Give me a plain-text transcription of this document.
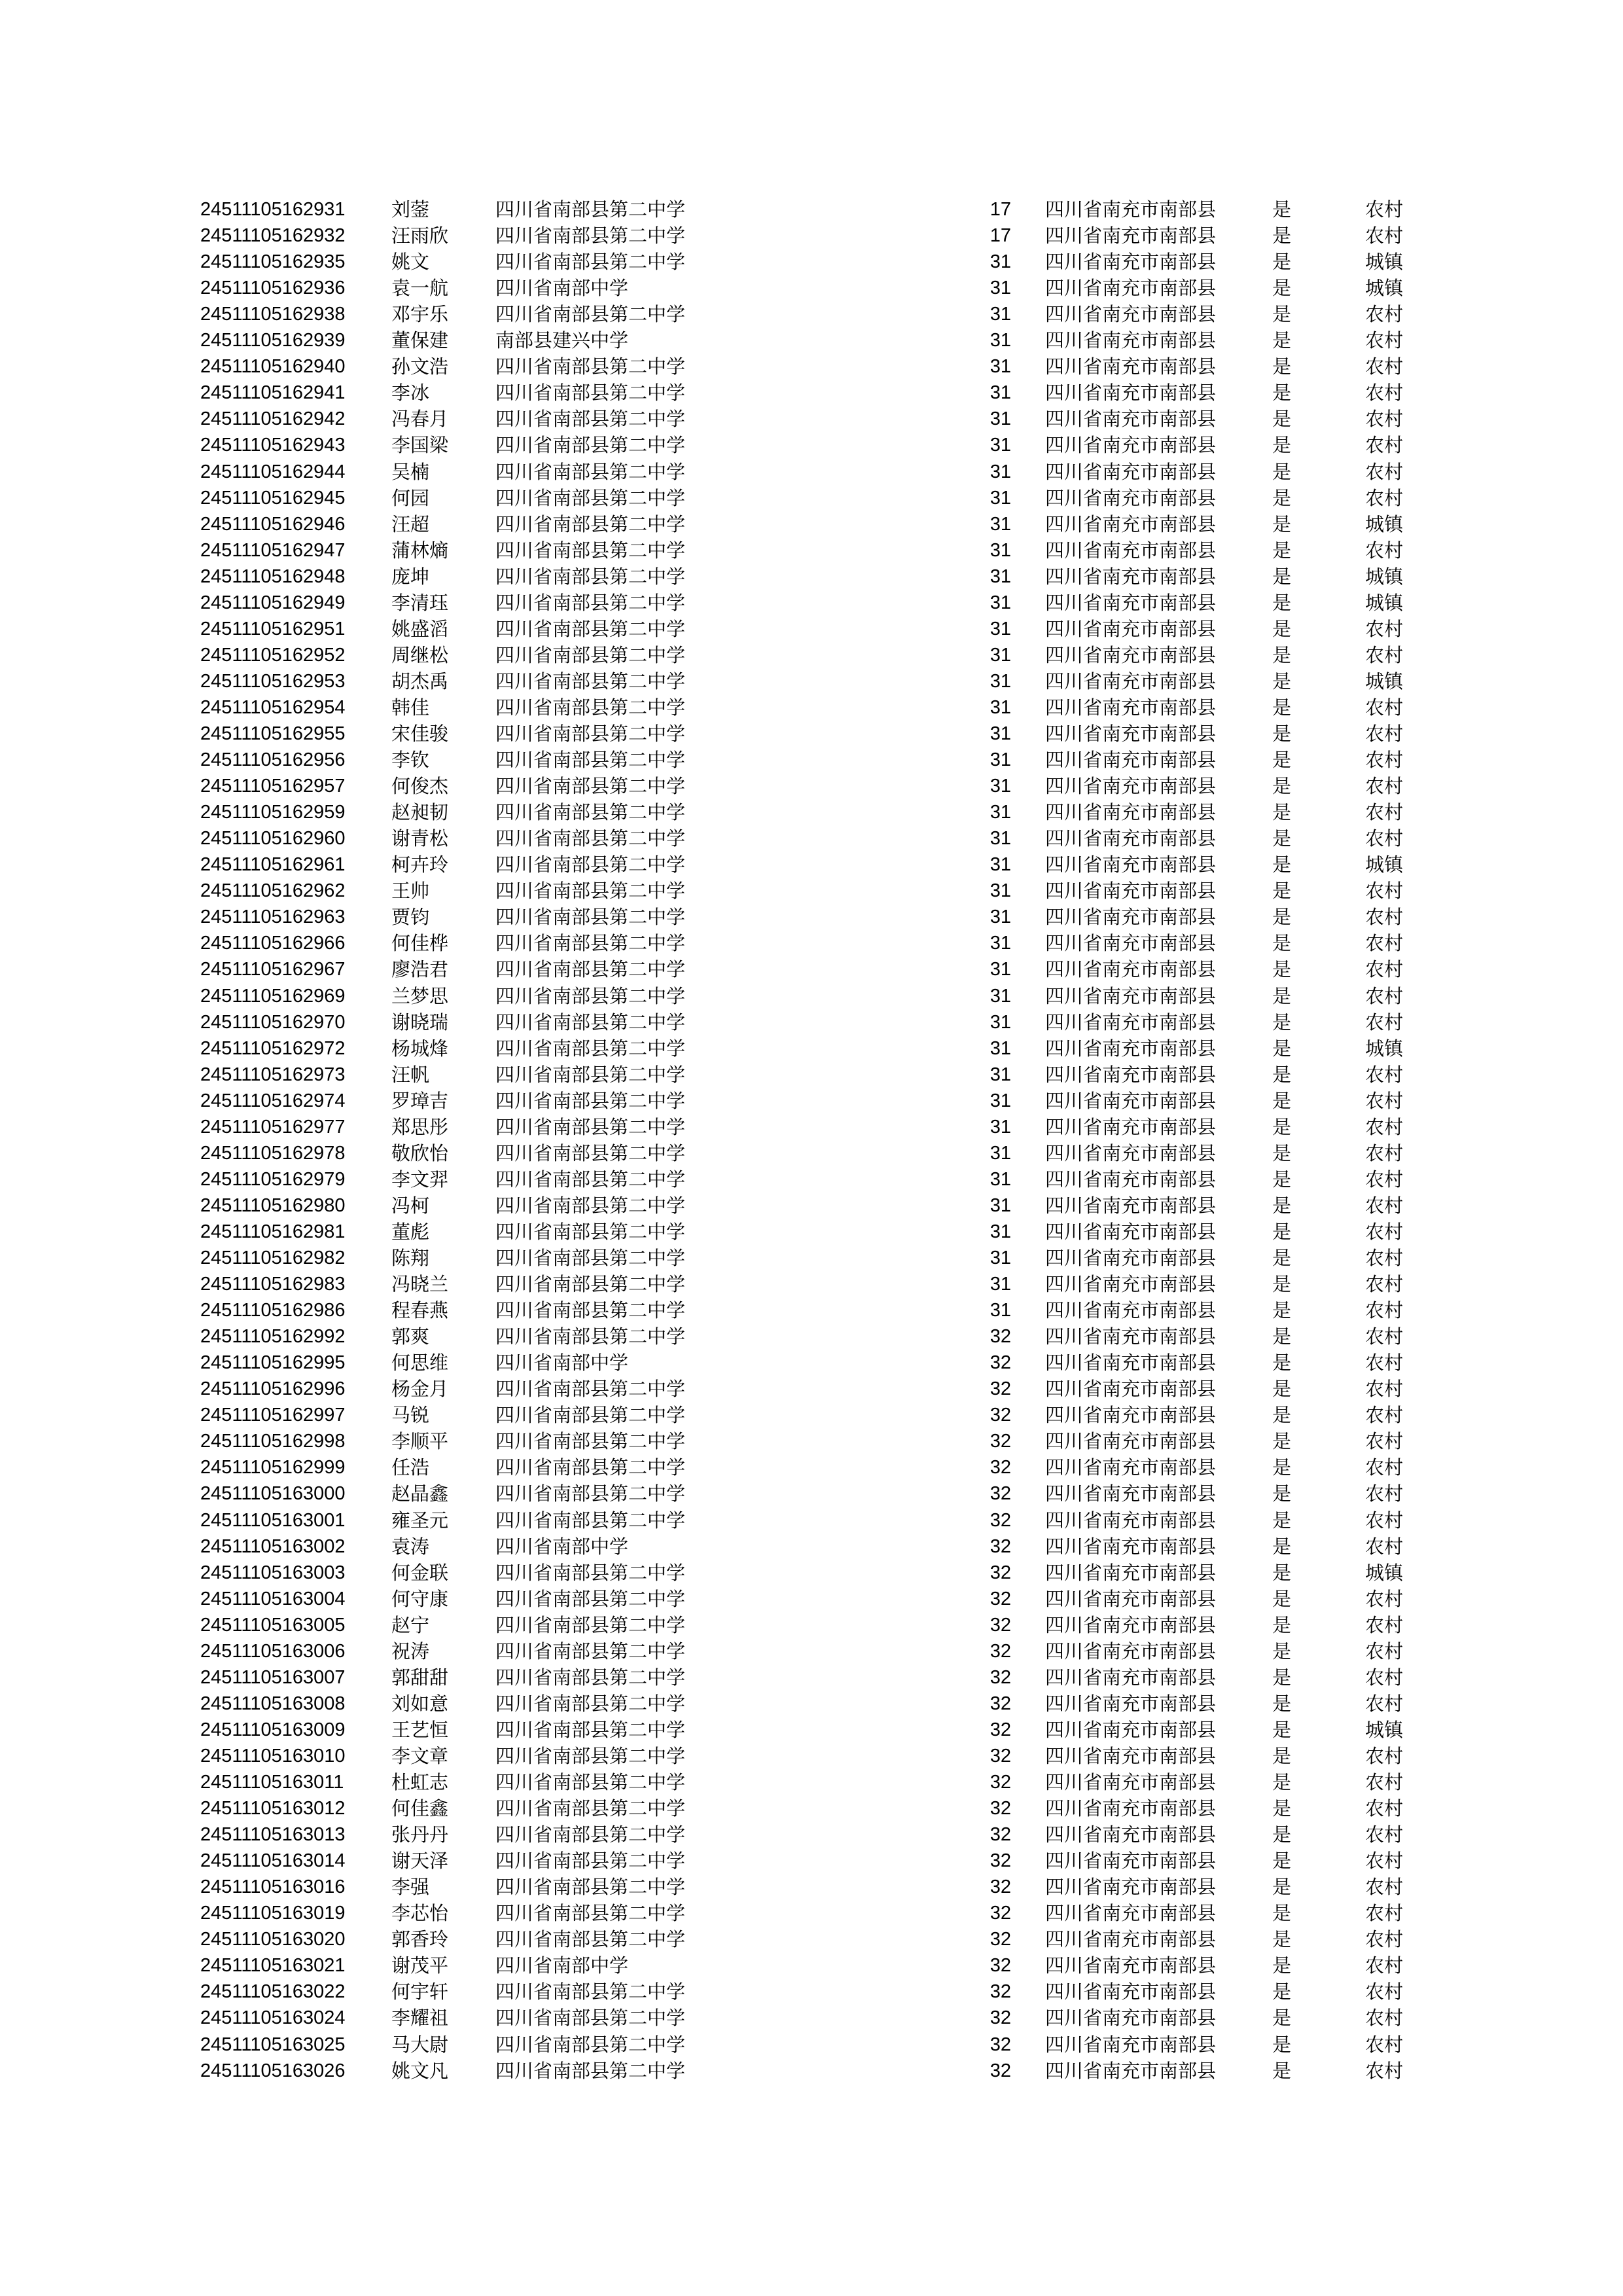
24511105162931 刘蓥	四川省南部县第二中学	17 四川省南充市南部县	是	农村
24511105162932 汪雨欣 四川省南部县第二中学	17 四川省南充市南部县	是	农村
24511105162935 姚文	四川省南部县第二中学	31 四川省南充市南部县	是	城镇
24511105162936 袁一航 四川省南部中学	31 四川省南充市南部县	是	城镇
24511105162938 邓宇乐 四川省南部县第二中学	31 四川省南充市南部县	是	农村
24511105162939 董保建 南部县建兴中学	31 四川省南充市南部县	是	农村
24511105162940 孙文浩 四川省南部县第二中学	31 四川省南充市南部县	是	农村
24511105162941 李冰	四川省南部县第二中学	31 四川省南充市南部县	是	农村
24511105162942 冯春月 四川省南部县第二中学	31 四川省南充市南部县	是	农村
24511105162943 李国梁 四川省南部县第二中学	31 四川省南充市南部县	是	农村
24511105162944 吴楠	四川省南部县第二中学	31 四川省南充市南部县	是	农村
24511105162945 何园	四川省南部县第二中学	31 四川省南充市南部县	是	农村
24511105162946 汪超	四川省南部县第二中学	31 四川省南充市南部县	是	城镇
24511105162947 蒲林熵 四川省南部县第二中学	31 四川省南充市南部县	是	农村
24511105162948 庞坤	四川省南部县第二中学	31 四川省南充市南部县	是	城镇
24511105162949 李清珏 四川省南部县第二中学	31 四川省南充市南部县	是	城镇
24511105162951 姚盛滔 四川省南部县第二中学	31 四川省南充市南部县	是	农村
24511105162952 周继松 四川省南部县第二中学	31 四川省南充市南部县	是	农村
24511105162953 胡杰禹 四川省南部县第二中学	31 四川省南充市南部县	是	城镇
24511105162954 韩佳	四川省南部县第二中学	31 四川省南充市南部县	是	农村
24511105162955 宋佳骏 四川省南部县第二中学	31 四川省南充市南部县	是	农村
24511105162956 李钦	四川省南部县第二中学	31 四川省南充市南部县	是	农村
24511105162957 何俊杰 四川省南部县第二中学	31 四川省南充市南部县	是	农村
24511105162959 赵昶韧 四川省南部县第二中学	31 四川省南充市南部县	是	农村
24511105162960 谢青松 四川省南部县第二中学	31 四川省南充市南部县	是	农村
24511105162961 柯卉玲 四川省南部县第二中学	31 四川省南充市南部县	是	城镇
24511105162962 王帅	四川省南部县第二中学	31 四川省南充市南部县	是	农村
24511105162963 贾钧	四川省南部县第二中学	31 四川省南充市南部县	是	农村
24511105162966 何佳桦 四川省南部县第二中学	31 四川省南充市南部县	是	农村
24511105162967 廖浩君 四川省南部县第二中学	31 四川省南充市南部县	是	农村
24511105162969 兰梦思 四川省南部县第二中学	31 四川省南充市南部县	是	农村
24511105162970 谢晓瑞 四川省南部县第二中学	31 四川省南充市南部县	是	农村
24511105162972 杨城烽 四川省南部县第二中学	31 四川省南充市南部县	是	城镇
24511105162973 汪帆	四川省南部县第二中学	31 四川省南充市南部县	是	农村
24511105162974 罗璋吉 四川省南部县第二中学	31 四川省南充市南部县	是	农村
24511105162977 郑思彤 四川省南部县第二中学	31 四川省南充市南部县	是	农村
24511105162978 敬欣怡 四川省南部县第二中学	31 四川省南充市南部县	是	农村
24511105162979 李文羿 四川省南部县第二中学	31 四川省南充市南部县	是	农村
24511105162980 冯柯	四川省南部县第二中学	31 四川省南充市南部县	是	农村
24511105162981 董彪	四川省南部县第二中学	31 四川省南充市南部县	是	农村
24511105162982 陈翔	四川省南部县第二中学	31 四川省南充市南部县	是	农村
24511105162983 冯晓兰 四川省南部县第二中学	31 四川省南充市南部县	是	农村
24511105162986 程春燕 四川省南部县第二中学	31 四川省南充市南部县	是	农村
24511105162992 郭爽	四川省南部县第二中学	32 四川省南充市南部县	是	农村
24511105162995 何思维 四川省南部中学	32 四川省南充市南部县	是	农村
24511105162996 杨金月 四川省南部县第二中学	32 四川省南充市南部县	是	农村
24511105162997 马锐	四川省南部县第二中学	32 四川省南充市南部县	是	农村
24511105162998 李顺平 四川省南部县第二中学	32 四川省南充市南部县	是	农村
24511105162999 任浩	四川省南部县第二中学	32 四川省南充市南部县	是	农村
24511105163000 赵晶鑫 四川省南部县第二中学	32 四川省南充市南部县	是	农村
24511105163001 雍圣元 四川省南部县第二中学	32 四川省南充市南部县	是	农村
24511105163002 袁涛	四川省南部中学	32 四川省南充市南部县	是	农村
24511105163003 何金联 四川省南部县第二中学	32 四川省南充市南部县	是	城镇
24511105163004 何守康 四川省南部县第二中学	32 四川省南充市南部县	是	农村
24511105163005 赵宁	四川省南部县第二中学	32 四川省南充市南部县	是	农村
24511105163006 祝涛	四川省南部县第二中学	32 四川省南充市南部县	是	农村
24511105163007 郭甜甜 四川省南部县第二中学	32 四川省南充市南部县	是	农村
24511105163008 刘如意 四川省南部县第二中学	32 四川省南充市南部县	是	农村
24511105163009 王艺恒 四川省南部县第二中学	32 四川省南充市南部县	是	城镇
24511105163010 李文章 四川省南部县第二中学	32 四川省南充市南部县	是	农村
24511105163011	杜虹志 四川省南部县第二中学	32 四川省南充市南部县	是	农村
24511105163012 何佳鑫 四川省南部县第二中学	32 四川省南充市南部县	是	农村
24511105163013 张丹丹 四川省南部县第二中学	32 四川省南充市南部县	是	农村
24511105163014 谢天泽 四川省南部县第二中学	32 四川省南充市南部县	是	农村
24511105163016 李强	四川省南部县第二中学	32 四川省南充市南部县	是	农村
24511105163019 李芯怡 四川省南部县第二中学	32 四川省南充市南部县	是	农村
24511105163020 郭香玲 四川省南部县第二中学	32 四川省南充市南部县	是	农村
24511105163021 谢茂平 四川省南部中学	32 四川省南充市南部县	是	农村
24511105163022 何宇轩 四川省南部县第二中学	32 四川省南充市南部县	是	农村
24511105163024 李耀祖 四川省南部县第二中学	32 四川省南充市南部县	是	农村
24511105163025 马大尉 四川省南部县第二中学	32 四川省南充市南部县	是	农村
24511105163026 姚文凡 四川省南部县第二中学	32 四川省南充市南部县	是	农村
